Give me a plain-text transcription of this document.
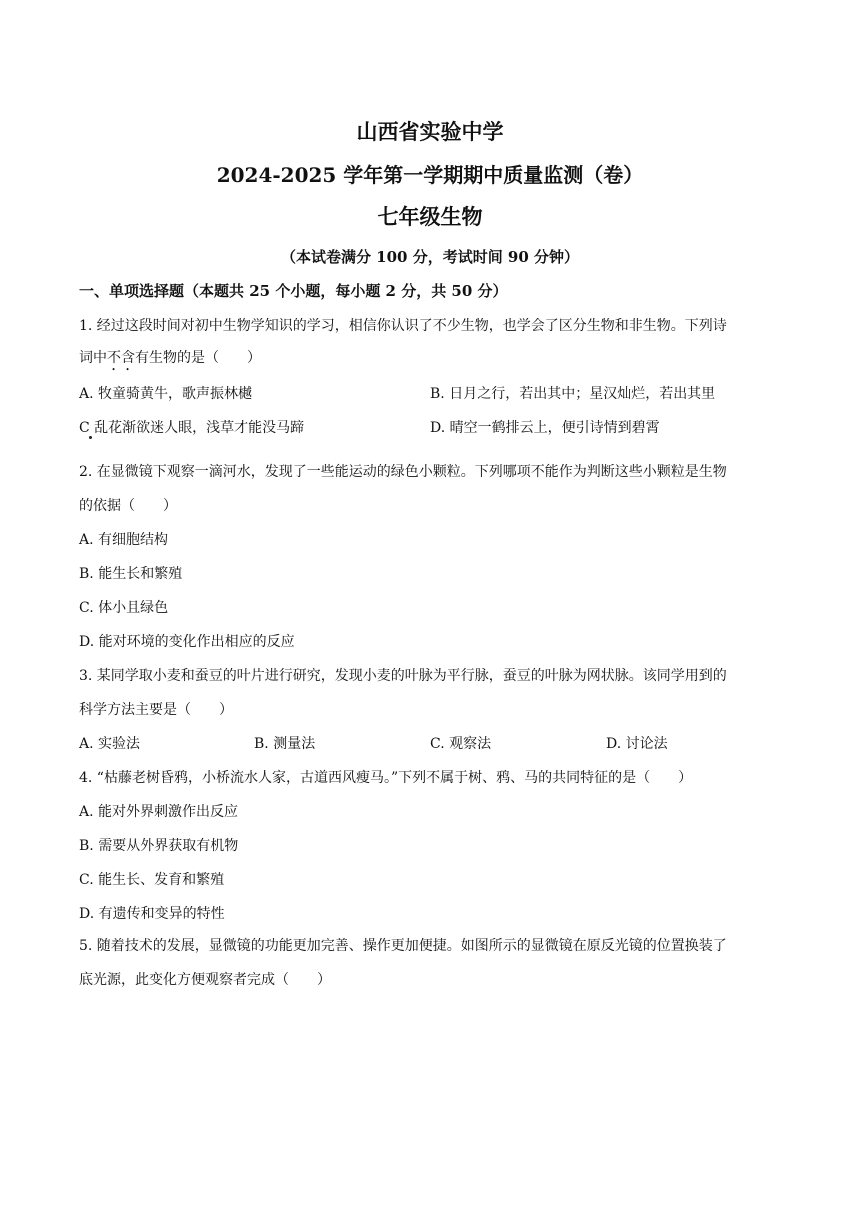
山西省实验中学
2024-2025 学年第一学期期中质量监测（卷）
七年级生物
（本试卷满分 100 分，考试时间 90 分钟）
一、单项选择题（本题共 25 个小题，每小题 2 分，共 50 分）
1. 经过这段时间对初中生物学知识的学习，相信你认识了不少生物，也学会了区分生物和非生物。下列诗
词中不含有生物的是（　　）
A. 牧童骑黄牛，歌声振林樾	B. 日月之行，若出其中；星汉灿烂，若出其里
C 乱花渐欲迷人眼，浅草才能没马蹄	D. 晴空一鹤排云上，便引诗情到碧霄
2. 在显微镜下观察一滴河水，发现了一些能运动的绿色小颗粒。下列哪项不能作为判断这些小颗粒是生物
的依据（　　）
A. 有细胞结构
B. 能生长和繁殖
C. 体小且绿色
D. 能对环境的变化作出相应的反应
3. 某同学取小麦和蚕豆的叶片进行研究，发现小麦的叶脉为平行脉，蚕豆的叶脉为网状脉。该同学用到的
科学方法主要是（　　）
A. 实验法	B. 测量法	C. 观察法	D. 讨论法
4. “枯藤老树昏鸦，小桥流水人家，古道西风瘦马。”下列不属于树、鸦、马的共同特征的是（　　）
A. 能对外界刺激作出反应
B. 需要从外界获取有机物
C. 能生长、发育和繁殖
D. 有遗传和变异的特性
5. 随着技术的发展，显微镜的功能更加完善、操作更加便捷。如图所示的显微镜在原反光镜的位置换装了
底光源，此变化方便观察者完成（　　）
